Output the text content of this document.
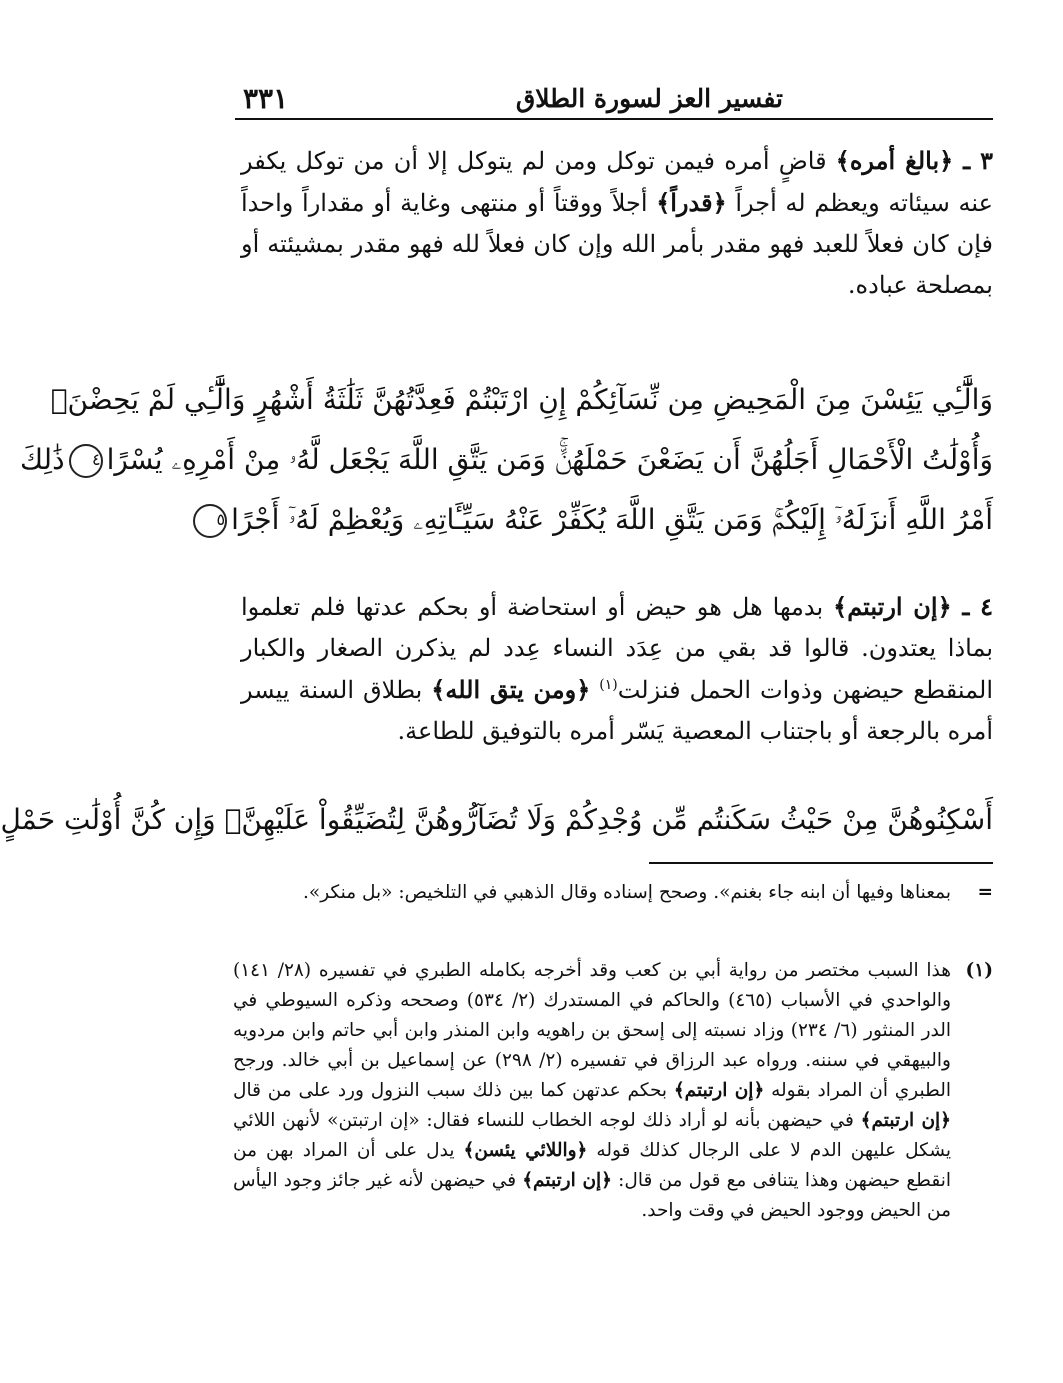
تفسير العز لسورة الطلاق
٣٣١

٣ ـ ﴿بالغ أمره﴾ قاضٍ أمره فيمن توكل ومن لم يتوكل إلا أن من توكل يكفر عنه سيئاته ويعظم له أجراً ﴿قدراً﴾ أجلاً ووقتاً أو منتهى وغاية أو مقداراً واحداً فإن كان فعلاً للعبد فهو مقدر بأمر الله وإن كان فعلاً لله فهو مقدر بمشيئته أو بمصلحة عباده.

وَالَّٰٓـِٔي يَئِسْنَ مِنَ الْمَحِيضِ مِن نِّسَآئِكُمْ إِنِ ارْتَبْتُمْ فَعِدَّتُهُنَّ ثَلَٰثَةُ أَشْهُرٍ وَالَّٰٓـِٔي لَمْ يَحِضْنَۚ
وَأُوْلَٰتُ الْأَحْمَالِ أَجَلُهُنَّ أَن يَضَعْنَ حَمْلَهُنَّۚ وَمَن يَتَّقِ اللَّهَ يَجْعَل لَّهُۥ مِنْ أَمْرِهِۦ يُسْرًا٤ذَٰلِكَ
أَمْرُ اللَّهِ أَنزَلَهُۥٓ إِلَيْكُمْۚ وَمَن يَتَّقِ اللَّهَ يُكَفِّرْ عَنْهُ سَيِّـَٔاتِهِۦ وَيُعْظِمْ لَهُۥٓ أَجْرًا٥

٤ ـ ﴿إن ارتبتم﴾ بدمها هل هو حيض أو استحاضة أو بحكم عدتها فلم تعلموا بماذا يعتدون. قالوا قد بقي من عِدَد النساء عِدد لم يذكرن الصغار والكبار المنقطع حيضهن وذوات الحمل فنزلت$^{(١)}$ ﴿ومن يتق الله﴾ بطلاق السنة ييسر أمره بالرجعة أو باجتناب المعصية يَسّر أمره بالتوفيق للطاعة.

أَسْكِنُوهُنَّ مِنْ حَيْثُ سَكَنتُم مِّن وُجْدِكُمْ وَلَا تُضَآرُّوهُنَّ لِتُضَيِّقُواْ عَلَيْهِنَّۚ وَإِن كُنَّ أُوْلَٰتِ حَمْلٍ

=
بمعناها وفيها أن ابنه جاء بغنم». وصحح إسناده وقال الذهبي في التلخيص: «بل منكر».

(١)
هذا السبب مختصر من رواية أبي بن كعب وقد أخرجه بكامله الطبري في تفسيره (٢٨/ ١٤١) والواحدي في الأسباب (٤٦٥) والحاكم في المستدرك (٢/ ٥٣٤) وصححه وذكره السيوطي في الدر المنثور (٦/ ٢٣٤) وزاد نسبته إلى إسحق بن راهويه وابن المنذر وابن أبي حاتم وابن مردويه والبيهقي في سننه. ورواه عبد الرزاق في تفسيره (٢/ ٢٩٨) عن إسماعيل بن أبي خالد. ورجح الطبري أن المراد بقوله ﴿إن ارتبتم﴾ بحكم عدتهن كما بين ذلك سبب النزول ورد على من قال ﴿إن ارتبتم﴾ في حيضهن بأنه لو أراد ذلك لوجه الخطاب للنساء فقال: «إن ارتبتن» لأنهن اللائي يشكل عليهن الدم لا على الرجال كذلك قوله ﴿واللائي يئسن﴾ يدل على أن المراد بهن من انقطع حيضهن وهذا يتنافى مع قول من قال: ﴿إن ارتبتم﴾ في حيضهن لأنه غير جائز وجود اليأس من الحيض ووجود الحيض في وقت واحد.
